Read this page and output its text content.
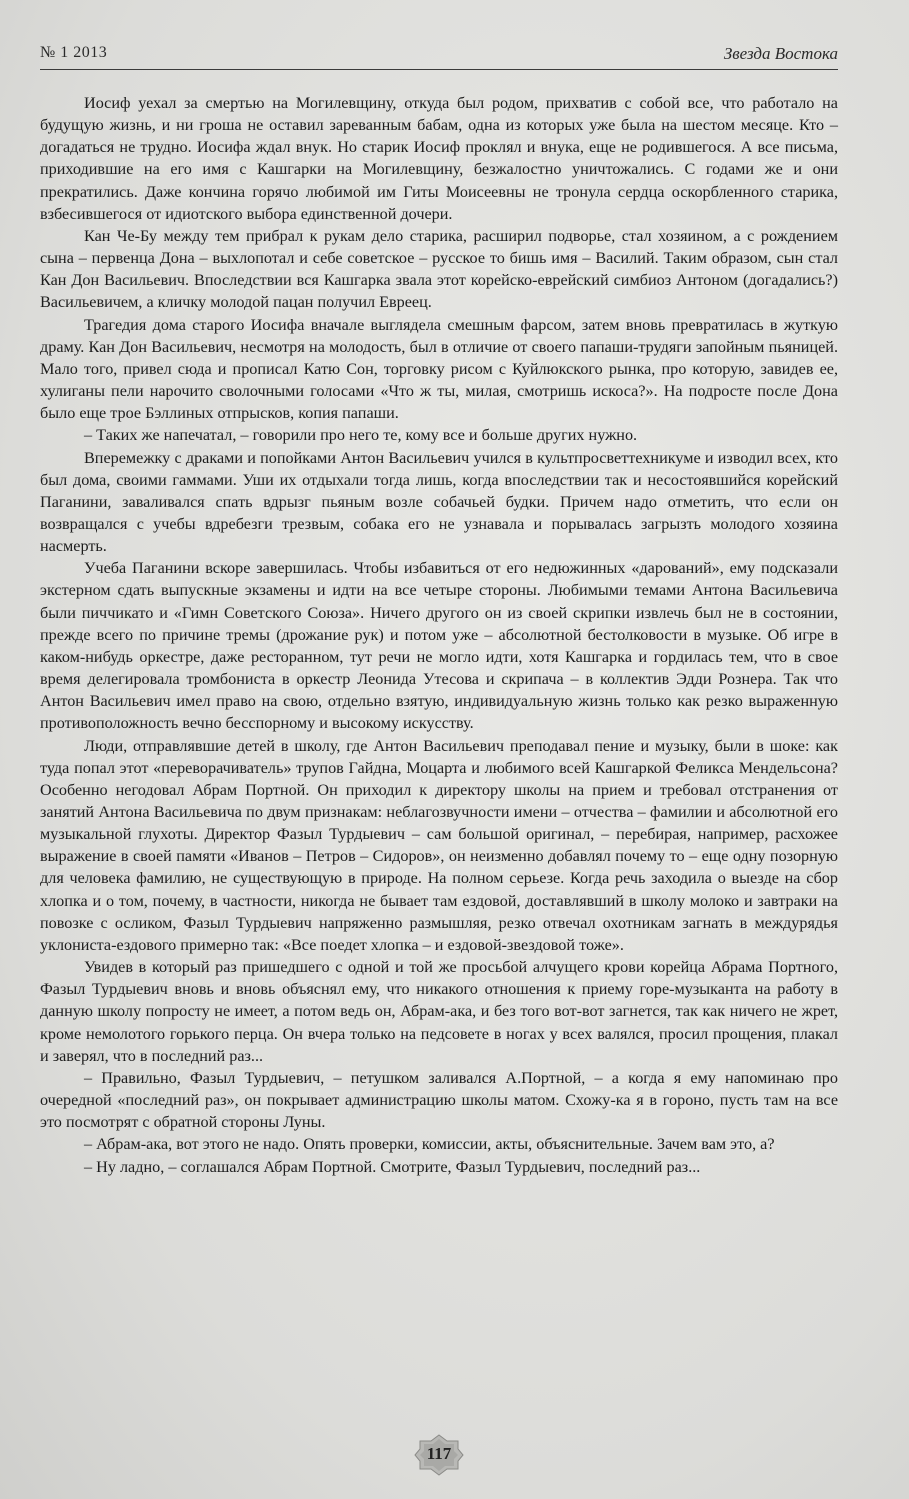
№ 1 2013	Звезда Востока

Иосиф уехал за смертью на Могилевщину, откуда был родом, прихватив с собой все, что работало на будущую жизнь, и ни гроша не оставил зареванным бабам, одна из которых уже была на шестом месяце. Кто – догадаться не трудно. Иосифа ждал внук. Но старик Иосиф проклял и внука, еще не родившегося. А все письма, приходившие на его имя с Кашгарки на Могилевщину, безжалостно уничтожались. С годами же и они прекратились. Даже кончина горячо любимой им Гиты Моисеевны не тронула сердца оскорбленного старика, взбесившегося от идиотского выбора единственной дочери.

Кан Че-Бу между тем прибрал к рукам дело старика, расширил подворье, стал хозяином, а с рождением сына – первенца Дона – выхлопотал и себе советское – русское то бишь имя – Василий. Таким образом, сын стал Кан Дон Васильевич. Впоследствии вся Кашгарка звала этот корейско-еврейский симбиоз Антоном (догадались?) Васильевичем, а кличку молодой пацан получил Евреец.

Трагедия дома старого Иосифа вначале выглядела смешным фарсом, затем вновь превратилась в жуткую драму. Кан Дон Васильевич, несмотря на молодость, был в отличие от своего папаши-трудяги запойным пьяницей. Мало того, привел сюда и прописал Катю Сон, торговку рисом с Куйлюкского рынка, про которую, завидев ее, хулиганы пели нарочито сволочными голосами «Что ж ты, милая, смотришь искоса?». На подросте после Дона было еще трое Бэллиных отпрысков, копия папаши.

– Таких же напечатал, – говорили про него те, кому все и больше других нужно.

Вперемежку с драками и попойками Антон Васильевич учился в культпросветтехникуме и изводил всех, кто был дома, своими гаммами. Уши их отдыхали тогда лишь, когда впоследствии так и несостоявшийся корейский Паганини, заваливался спать вдрызг пьяным возле собачьей будки. Причем надо отметить, что если он возвращался с учебы вдребезги трезвым, собака его не узнавала и порывалась загрызть молодого хозяина насмерть.

Учеба Паганини вскоре завершилась. Чтобы избавиться от его недюжинных «дарований», ему подсказали экстерном сдать выпускные экзамены и идти на все четыре стороны. Любимыми темами Антона Васильевича были пиччикато и «Гимн Советского Союза». Ничего другого он из своей скрипки извлечь был не в состоянии, прежде всего по причине тремы (дрожание рук) и потом уже – абсолютной бестолковости в музыке. Об игре в каком-нибудь оркестре, даже ресторанном, тут речи не могло идти, хотя Кашгарка и гордилась тем, что в свое время делегировала тромбониста в оркестр Леонида Утесова и скрипача – в коллектив Эдди Рознера. Так что Антон Васильевич имел право на свою, отдельно взятую, индивидуальную жизнь только как резко выраженную противоположность вечно бесспорному и высокому искусству.

Люди, отправлявшие детей в школу, где Антон Васильевич преподавал пение и музыку, были в шоке: как туда попал этот «переворачиватель» трупов Гайдна, Моцарта и любимого всей Кашгаркой Феликса Мендельсона? Особенно негодовал Абрам Портной. Он приходил к директору школы на прием и требовал отстранения от занятий Антона Васильевича по двум признакам: неблагозвучности имени – отчества – фамилии и абсолютной его музыкальной глухоты. Директор Фазыл Турдыевич – сам большой оригинал, – перебирая, например, расхожее выражение в своей памяти «Иванов – Петров – Сидоров», он неизменно добавлял почему то – еще одну позорную для человека фамилию, не существующую в природе. На полном серьезе. Когда речь заходила о выезде на сбор хлопка и о том, почему, в частности, никогда не бывает там ездовой, доставлявший в школу молоко и завтраки на повозке с осликом, Фазыл Турдыевич напряженно размышляя, резко отвечал охотникам загнать в междурядья уклониста-ездового примерно так: «Все поедет хлопка – и ездовой-звездовой тоже».

Увидев в который раз пришедшего с одной и той же просьбой алчущего крови корейца Абрама Портного, Фазыл Турдыевич вновь и вновь объяснял ему, что никакого отношения к приему горе-музыканта на работу в данную школу попросту не имеет, а потом ведь он, Абрам-ака, и без того вот-вот загнется, так как ничего не жрет, кроме немолотого горького перца. Он вчера только на педсовете в ногах у всех валялся, просил прощения, плакал и заверял, что в последний раз...

– Правильно, Фазыл Турдыевич, – петушком заливался А.Портной, – а когда я ему напоминаю про очередной «последний раз», он покрывает администрацию школы матом. Схожу-ка я в гороно, пусть там на все это посмотрят с обратной стороны Луны.

– Абрам-ака, вот этого не надо. Опять проверки, комиссии, акты, объяснительные. Зачем вам это, а?

– Ну ладно, – соглашался Абрам Портной. Смотрите, Фазыл Турдыевич, последний раз...

117
